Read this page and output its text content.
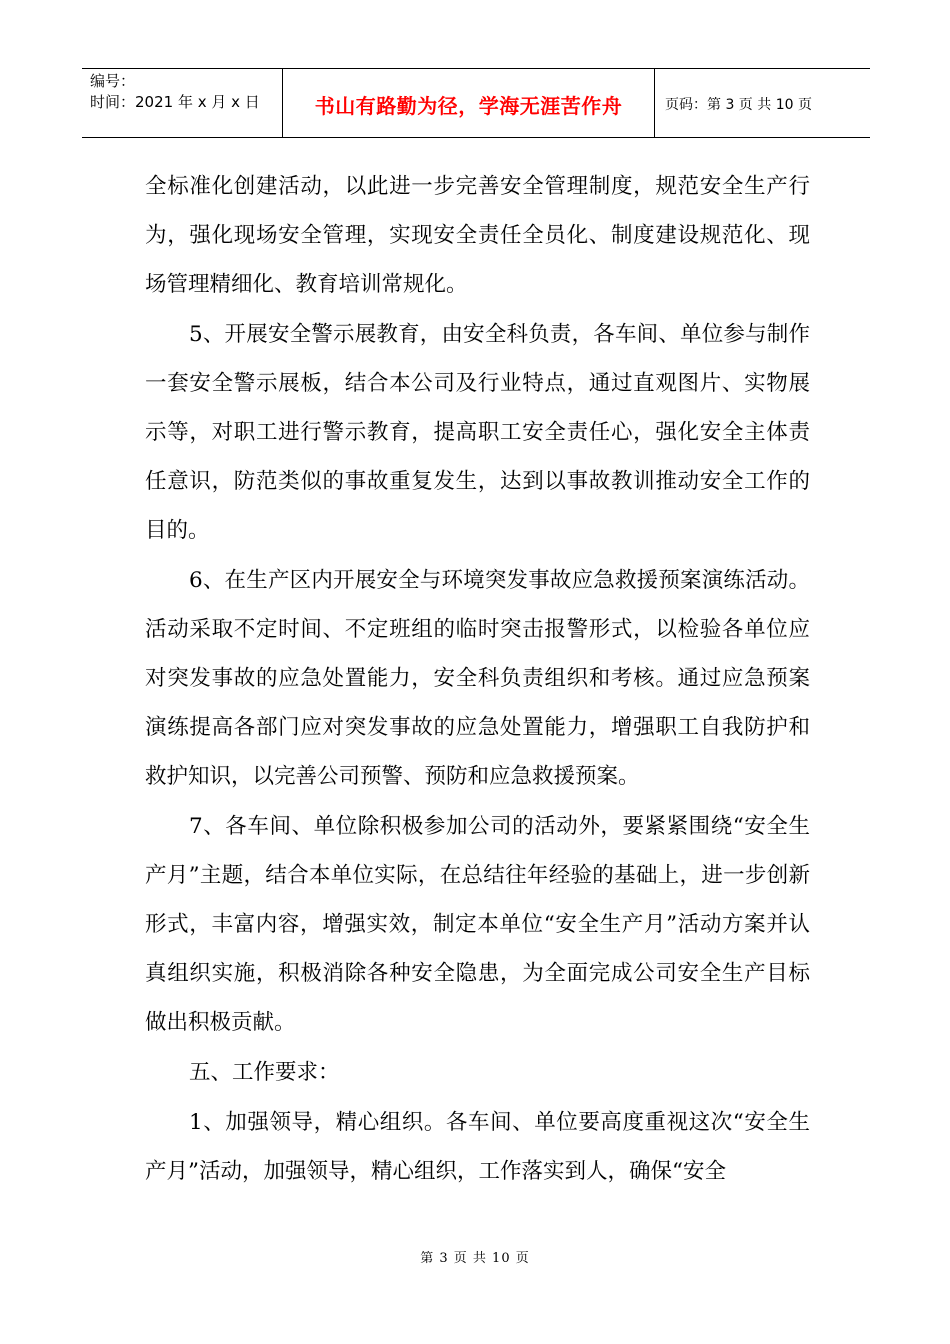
编号：
时间：2021 年 x 月 x 日	书山有路勤为径，学海无涯苦作舟	页码：第 3 页 共 10 页

全标准化创建活动，以此进一步完善安全管理制度，规范安全生产行为，强化现场安全管理，实现安全责任全员化、制度建设规范化、现场管理精细化、教育培训常规化。

5、开展安全警示展教育，由安全科负责，各车间、单位参与制作一套安全警示展板，结合本公司及行业特点，通过直观图片、实物展示等，对职工进行警示教育，提高职工安全责任心，强化安全主体责任意识，防范类似的事故重复发生，达到以事故教训推动安全工作的目的。

6、在生产区内开展安全与环境突发事故应急救援预案演练活动。活动采取不定时间、不定班组的临时突击报警形式，以检验各单位应对突发事故的应急处置能力，安全科负责组织和考核。通过应急预案演练提高各部门应对突发事故的应急处置能力，增强职工自我防护和救护知识，以完善公司预警、预防和应急救援预案。

7、各车间、单位除积极参加公司的活动外，要紧紧围绕“安全生产月”主题，结合本单位实际，在总结往年经验的基础上，进一步创新形式，丰富内容，增强实效，制定本单位“安全生产月”活动方案并认真组织实施，积极消除各种安全隐患，为全面完成公司安全生产目标做出积极贡献。

五、工作要求：

1、加强领导，精心组织。各车间、单位要高度重视这次“安全生产月”活动，加强领导，精心组织，工作落实到人，确保“安全

第 3 页 共 10 页
